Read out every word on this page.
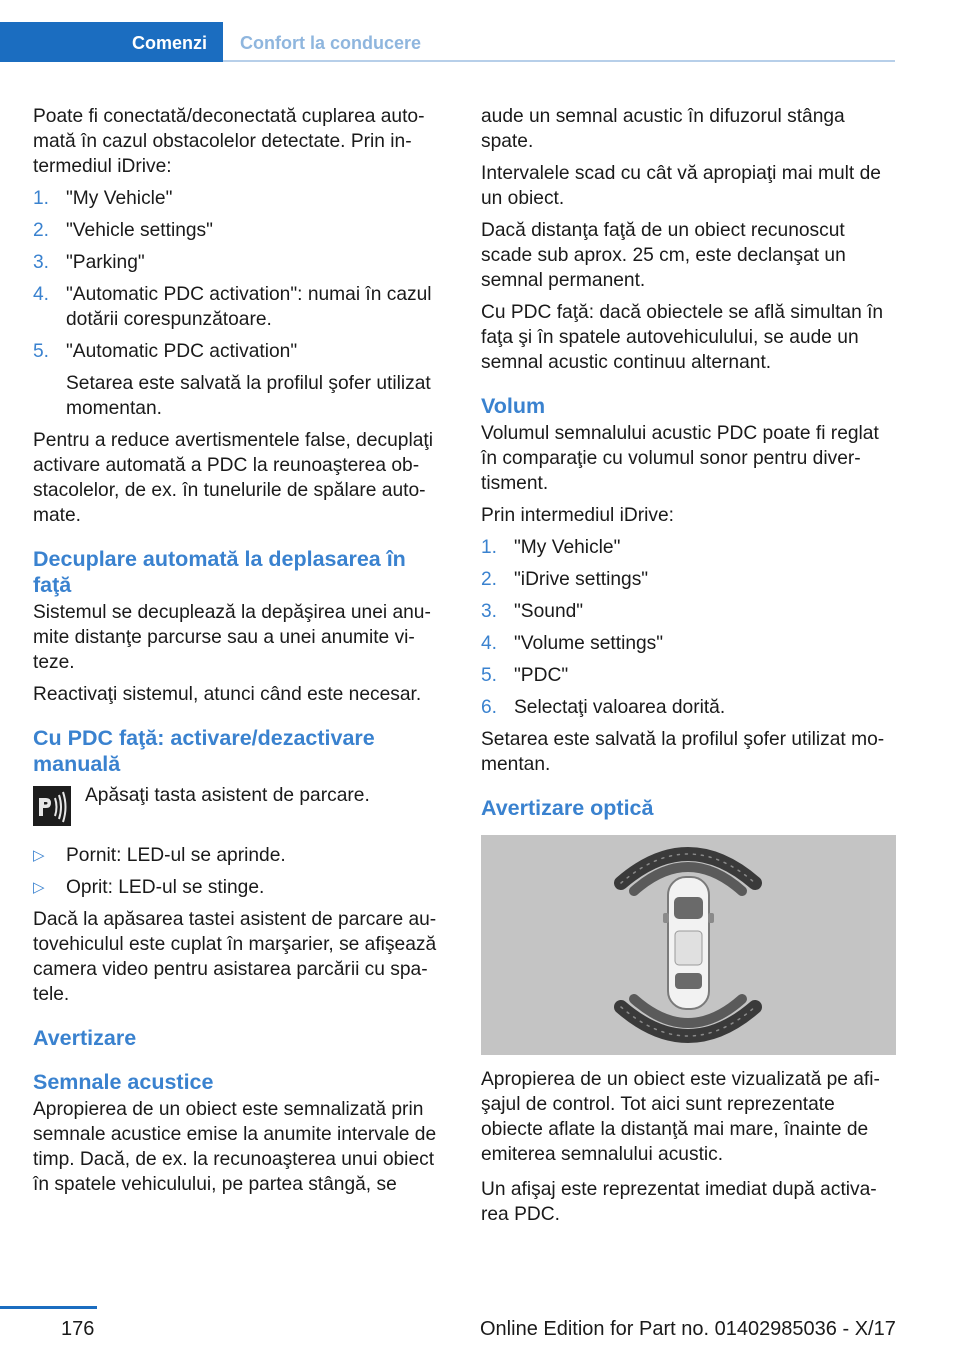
Comenzi Confort la conducere

Poate fi conectată/deconectată cuplarea auto-mată în cazul obstacolelor detectate. Prin in-termediul iDrive:

1. "My Vehicle"
2. "Vehicle settings"
3. "Parking"
4. "Automatic PDC activation": numai în cazul dotării corespunzătoare.
5. "Automatic PDC activation"
Setarea este salvată la profilul şofer utilizat momentan.

Pentru a reduce avertismentele false, decuplaţi activare automată a PDC la reunoaşterea ob-stacolelor, de ex. în tunelurile de spălare auto-mate.

Decuplare automată la deplasarea în faţă

Sistemul se decuplează la depăşirea unei anu-mite distanţe parcurse sau a unei anumite vi-teze.

Reactivaţi sistemul, atunci când este necesar.

Cu PDC faţă: activare/dezactivare manuală

Apăsaţi tasta asistent de parcare.

▷ Pornit: LED-ul se aprinde.
▷ Oprit: LED-ul se stinge.

Dacă la apăsarea tastei asistent de parcare au-tovehiculul este cuplat în marşarier, se afişează camera video pentru asistarea parcării cu spa-tele.

Avertizare
Semnale acustice

Apropierea de un obiect este semnalizată prin semnale acustice emise la anumite intervale de timp. Dacă, de ex. la recunoaşterea unui obiect în spatele vehiculului, pe partea stângă, se

aude un semnal acustic în difuzorul stânga spate.

Intervalele scad cu cât vă apropiaţi mai mult de un obiect.

Dacă distanţa faţă de un obiect recunoscut scade sub aprox. 25 cm, este declanşat un semnal permanent.

Cu PDC faţă: dacă obiectele se află simultan în faţa şi în spatele autovehiculului, se aude un semnal acustic continuu alternant.

Volum

Volumul semnalului acustic PDC poate fi reglat în comparaţie cu volumul sonor pentru diver-tisment.

Prin intermediul iDrive:

1. "My Vehicle"
2. "iDrive settings"
3. "Sound"
4. "Volume settings"
5. "PDC"
6. Selectaţi valoarea dorită.

Setarea este salvată la profilul şofer utilizat mo-mentan.

Avertizare optică

Apropierea de un obiect este vizualizată pe afi-şajul de control. Tot aici sunt reprezentate obiecte aflate la distanţă mai mare, înainte de emiterea semnalului acustic.

Un afişaj este reprezentat imediat după activa-rea PDC.

176	Online Edition for Part no. 01402985036 - X/17
